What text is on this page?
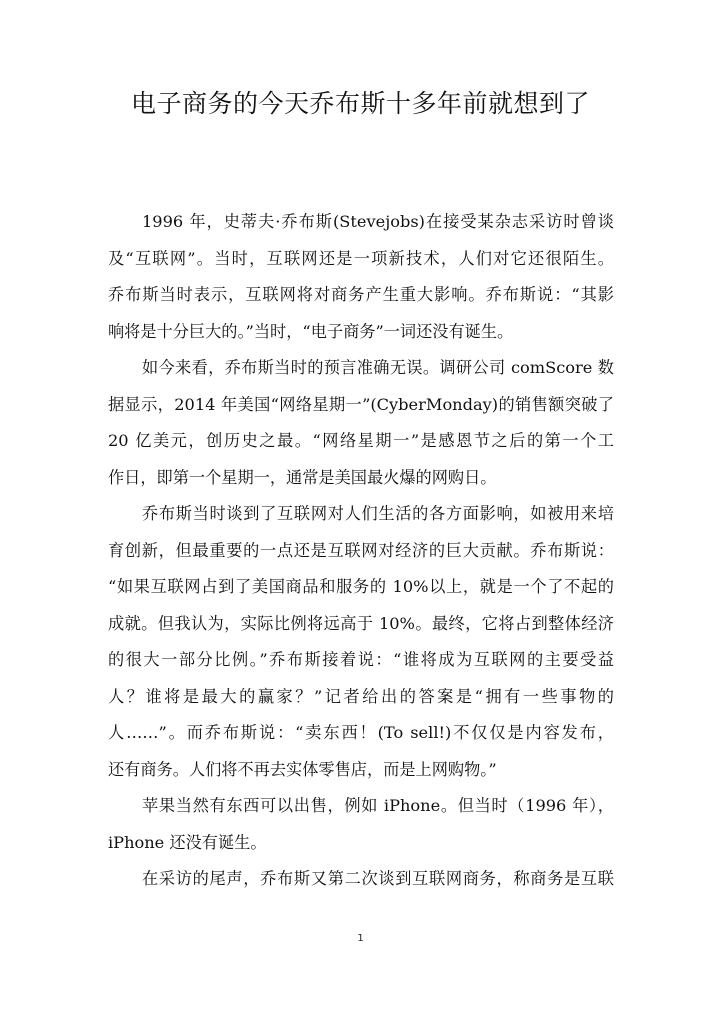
电子商务的今天乔布斯十多年前就想到了
1996 年，史蒂夫·乔布斯(Stevejobs)在接受某杂志采访时曾谈
及“互联网”。当时，互联网还是一项新技术，人们对它还很陌生。
乔布斯当时表示，互联网将对商务产生重大影响。乔布斯说：“其影
响将是十分巨大的。”当时，“电子商务”一词还没有诞生。
如今来看，乔布斯当时的预言准确无误。调研公司 comScore 数
据显示，2014 年美国“网络星期一”(CyberMonday)的销售额突破了
20 亿美元，创历史之最。“网络星期一”是感恩节之后的第一个工
作日，即第一个星期一，通常是美国最火爆的网购日。
乔布斯当时谈到了互联网对人们生活的各方面影响，如被用来培
育创新，但最重要的一点还是互联网对经济的巨大贡献。乔布斯说：
“如果互联网占到了美国商品和服务的 10%以上，就是一个了不起的
成就。但我认为，实际比例将远高于 10%。最终，它将占到整体经济
的很大一部分比例。”乔布斯接着说：“谁将成为互联网的主要受益
人？谁将是最大的赢家？”记者给出的答案是“拥有一些事物的
人……”。而乔布斯说：“卖东西！(To sell!)不仅仅是内容发布，
还有商务。人们将不再去实体零售店，而是上网购物。”
苹果当然有东西可以出售，例如 iPhone。但当时（1996 年），
iPhone 还没有诞生。
在采访的尾声，乔布斯又第二次谈到互联网商务，称商务是互联
1
